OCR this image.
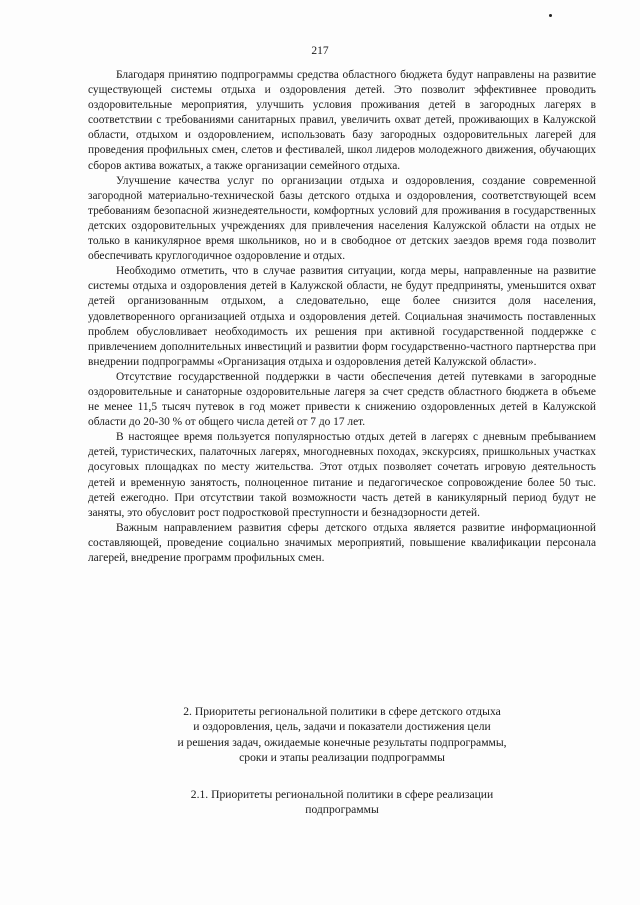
217

Благодаря принятию подпрограммы средства областного бюджета будут направлены на развитие существующей системы отдыха и оздоровления детей. Это позволит эффективнее проводить оздоровительные мероприятия, улучшить условия проживания детей в загородных лагерях в соответствии с требованиями санитарных правил, увеличить охват детей, проживающих в Калужской области, отдыхом и оздоровлением, использовать базу загородных оздоровительных лагерей для проведения профильных смен, слетов и фестивалей, школ лидеров молодежного движения, обучающих сборов актива вожатых, а также организации семейного отдыха.

Улучшение качества услуг по организации отдыха и оздоровления, создание современной загородной материально-технической базы детского отдыха и оздоровления, соответствующей всем требованиям безопасной жизнедеятельности, комфортных условий для проживания в государственных детских оздоровительных учреждениях для привлечения населения Калужской области на отдых не только в каникулярное время школьников, но и в свободное от детских заездов время года позволит обеспечивать круглогодичное оздоровление и отдых.

Необходимо отметить, что в случае развития ситуации, когда меры, направленные на развитие системы отдыха и оздоровления детей в Калужской области, не будут предприняты, уменьшится охват детей организованным отдыхом, а следовательно, еще более снизится доля населения, удовлетворенного организацией отдыха и оздоровления детей. Социальная значимость поставленных проблем обусловливает необходимость их решения при активной государственной поддержке с привлечением дополнительных инвестиций и развитии форм государственно-частного партнерства при внедрении подпрограммы «Организация отдыха и оздоровления детей Калужской области».

Отсутствие государственной поддержки в части обеспечения детей путевками в загородные оздоровительные и санаторные оздоровительные лагеря за счет средств областного бюджета в объеме не менее 11,5 тысяч путевок в год может привести к снижению оздоровленных детей в Калужской области до 20-30 % от общего числа детей от 7 до 17 лет.

В настоящее время пользуется популярностью отдых детей в лагерях с дневным пребыванием детей, туристических, палаточных лагерях, многодневных походах, экскурсиях, пришкольных участках досуговых площадках по месту жительства. Этот отдых позволяет сочетать игровую деятельность детей и временную занятость, полноценное питание и педагогическое сопровождение более 50 тыс. детей ежегодно. При отсутствии такой возможности часть детей в каникулярный период будут не заняты, это обусловит рост подростковой преступности и безнадзорности детей.

Важным направлением развития сферы детского отдыха является развитие информационной составляющей, проведение социально значимых мероприятий, повышение квалификации персонала лагерей, внедрение программ профильных смен.

2. Приоритеты региональной политики в сфере детского отдыха
и оздоровления, цель, задачи и показатели достижения цели
и решения задач, ожидаемые конечные результаты подпрограммы,
сроки и этапы реализации подпрограммы
2.1. Приоритеты региональной политики в сфере реализации
подпрограммы
